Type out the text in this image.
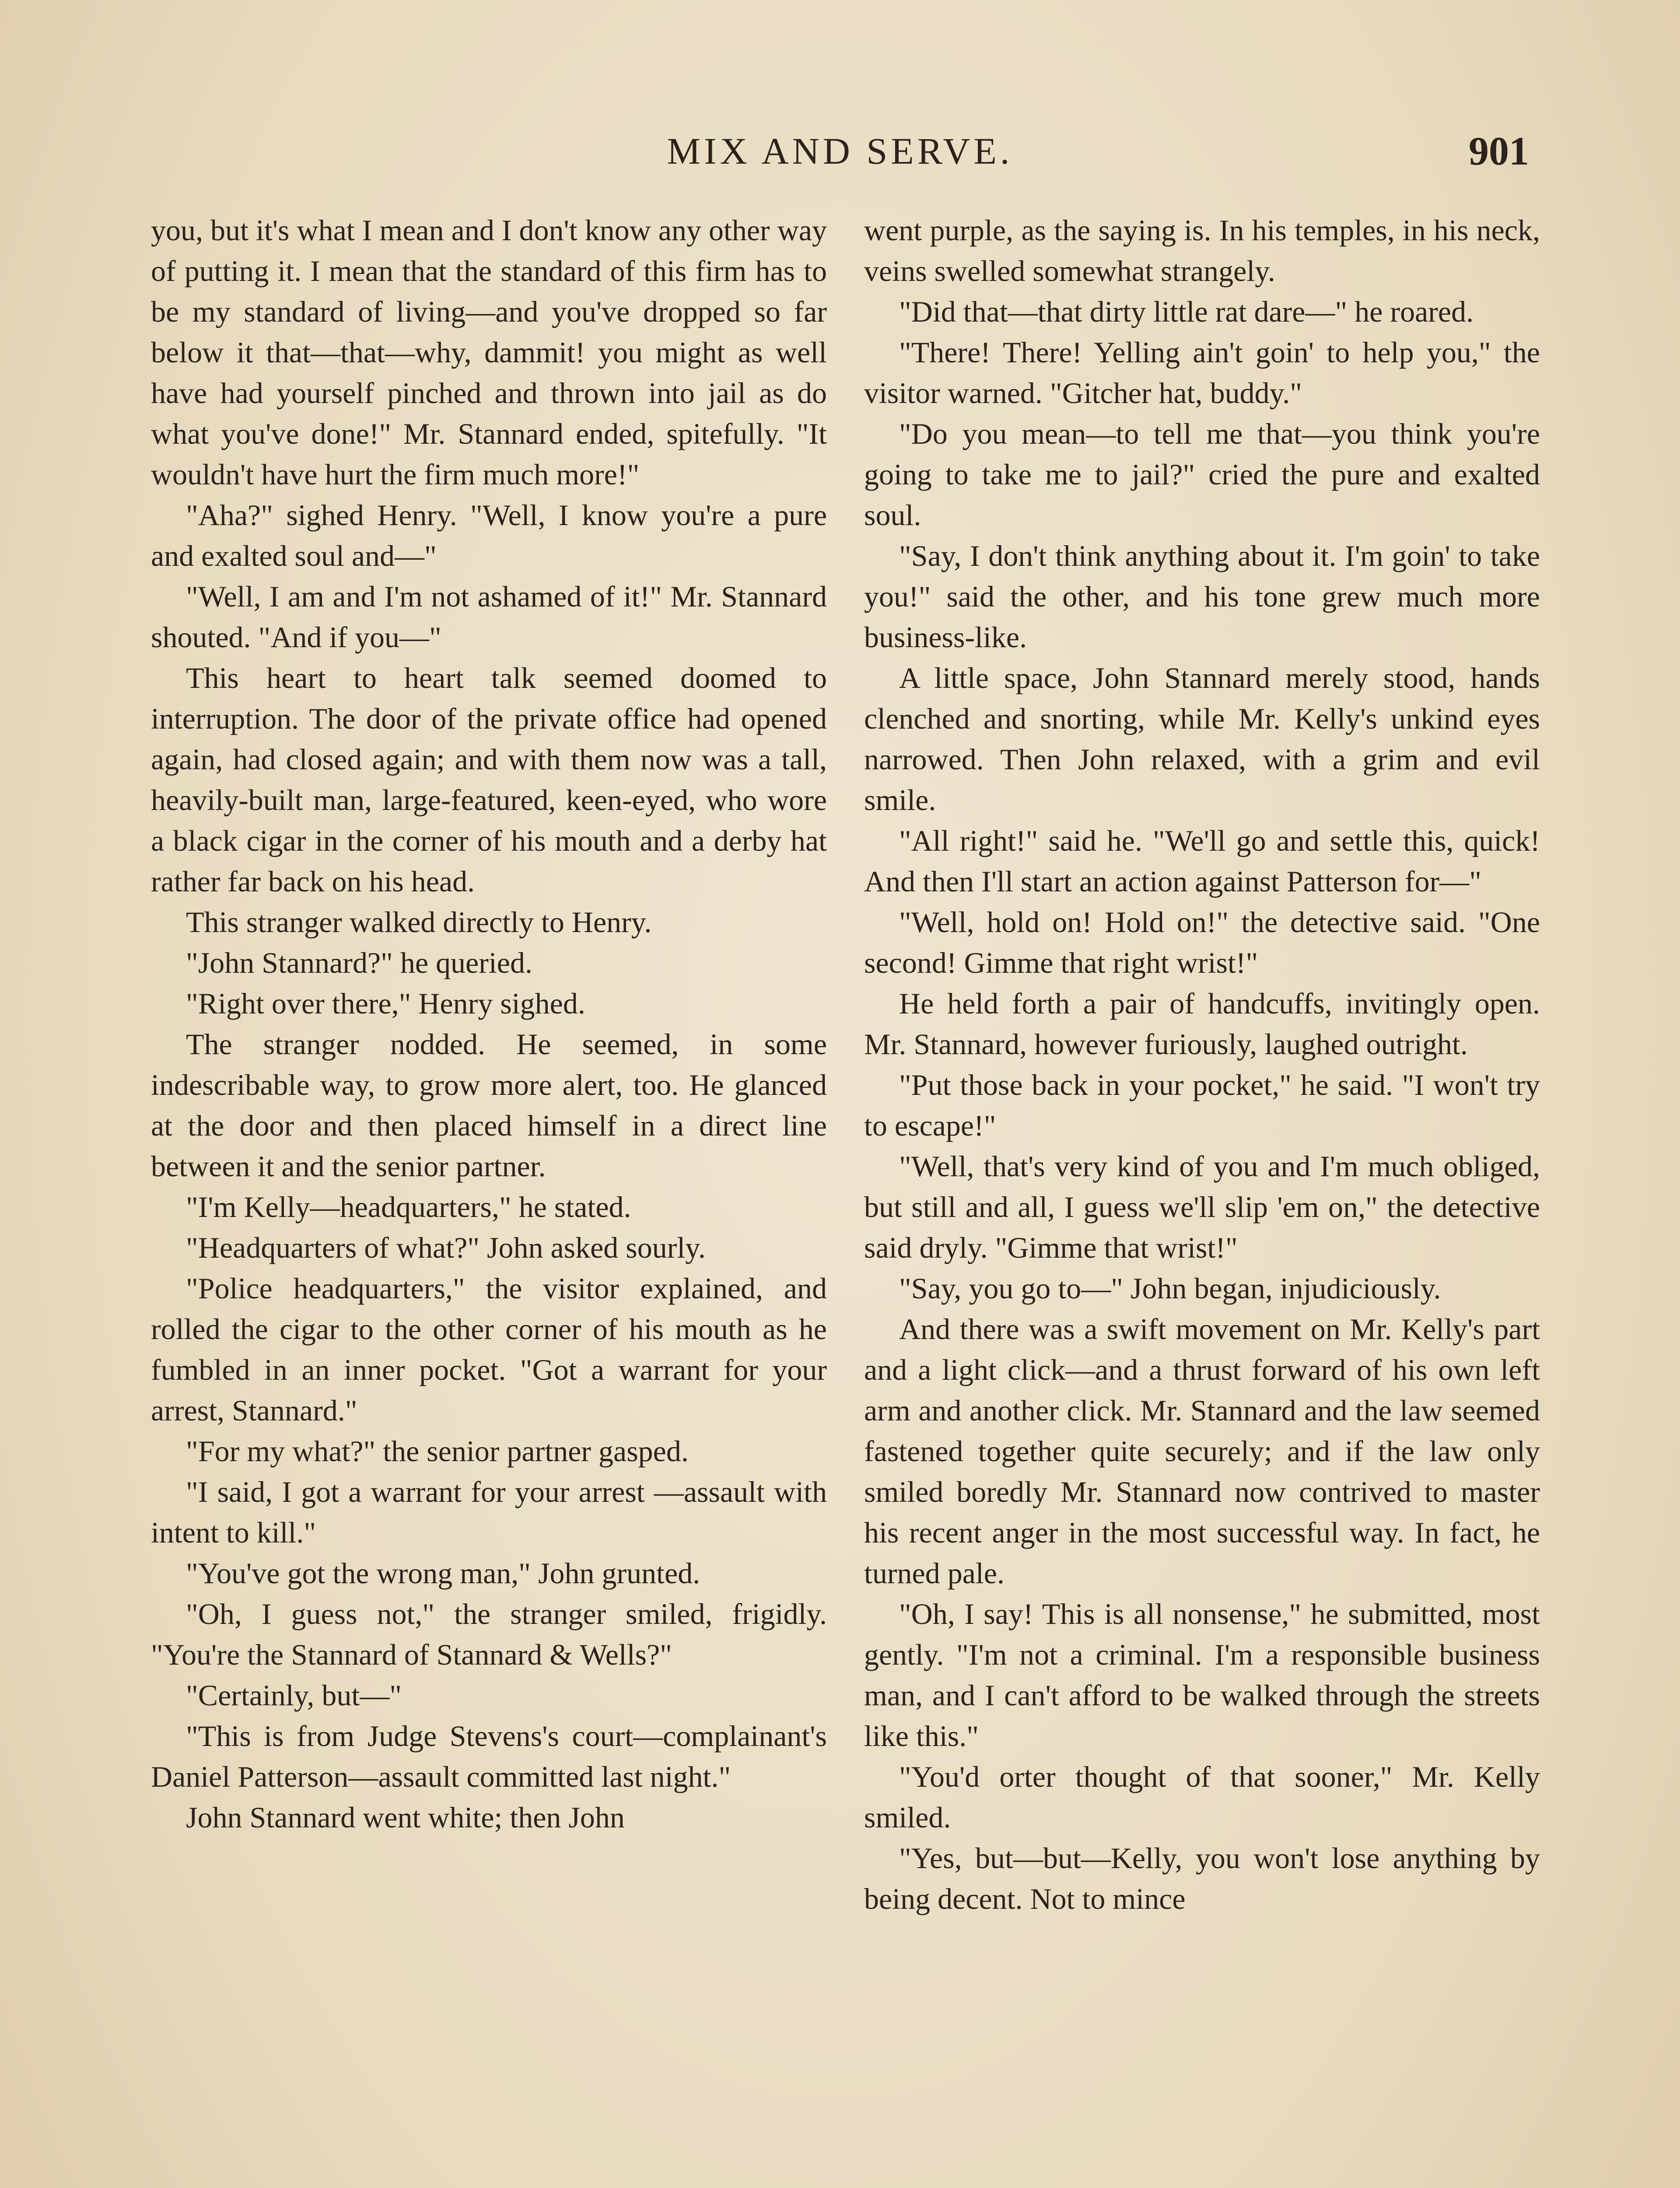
MIX AND SERVE.	901

you, but it's what I mean and I don't know any other way of putting it. I mean that the standard of this firm has to be my standard of living—and you've dropped so far below it that—that—why, dammit! you might as well have had yourself pinched and thrown into jail as do what you've done!" Mr. Stannard ended, spitefully. "It wouldn't have hurt the firm much more!"

"Aha?" sighed Henry. "Well, I know you're a pure and exalted soul and—"

"Well, I am and I'm not ashamed of it!" Mr. Stannard shouted. "And if you—"

This heart to heart talk seemed doomed to interruption. The door of the private office had opened again, had closed again; and with them now was a tall, heavily-built man, large-featured, keen-eyed, who wore a black cigar in the corner of his mouth and a derby hat rather far back on his head.

This stranger walked directly to Henry.

"John Stannard?" he queried.

"Right over there," Henry sighed.

The stranger nodded. He seemed, in some indescribable way, to grow more alert, too. He glanced at the door and then placed himself in a direct line between it and the senior partner.

"I'm Kelly—headquarters," he stated.

"Headquarters of what?" John asked sourly.

"Police headquarters," the visitor explained, and rolled the cigar to the other corner of his mouth as he fumbled in an inner pocket. "Got a warrant for your arrest, Stannard."

"For my what?" the senior partner gasped.

"I said, I got a warrant for your arrest —assault with intent to kill."

"You've got the wrong man," John grunted.

"Oh, I guess not," the stranger smiled, frigidly. "You're the Stannard of Stannard & Wells?"

"Certainly, but—"

"This is from Judge Stevens's court—complainant's Daniel Patterson—assault committed last night."

John Stannard went white; then John

went purple, as the saying is. In his temples, in his neck, veins swelled somewhat strangely.

"Did that—that dirty little rat dare—" he roared.

"There! There! Yelling ain't goin' to help you," the visitor warned. "Gitcher hat, buddy."

"Do you mean—to tell me that—you think you're going to take me to jail?" cried the pure and exalted soul.

"Say, I don't think anything about it. I'm goin' to take you!" said the other, and his tone grew much more business-like.

A little space, John Stannard merely stood, hands clenched and snorting, while Mr. Kelly's unkind eyes narrowed. Then John relaxed, with a grim and evil smile.

"All right!" said he. "We'll go and settle this, quick! And then I'll start an action against Patterson for—"

"Well, hold on! Hold on!" the detective said. "One second! Gimme that right wrist!"

He held forth a pair of handcuffs, invitingly open. Mr. Stannard, however furiously, laughed outright.

"Put those back in your pocket," he said. "I won't try to escape!"

"Well, that's very kind of you and I'm much obliged, but still and all, I guess we'll slip 'em on," the detective said dryly. "Gimme that wrist!"

"Say, you go to—" John began, injudiciously.

And there was a swift movement on Mr. Kelly's part and a light click—and a thrust forward of his own left arm and another click. Mr. Stannard and the law seemed fastened together quite securely; and if the law only smiled boredly Mr. Stannard now contrived to master his recent anger in the most successful way. In fact, he turned pale.

"Oh, I say! This is all nonsense," he submitted, most gently. "I'm not a criminal. I'm a responsible business man, and I can't afford to be walked through the streets like this."

"You'd orter thought of that sooner," Mr. Kelly smiled.

"Yes, but—but—Kelly, you won't lose anything by being decent. Not to mince
